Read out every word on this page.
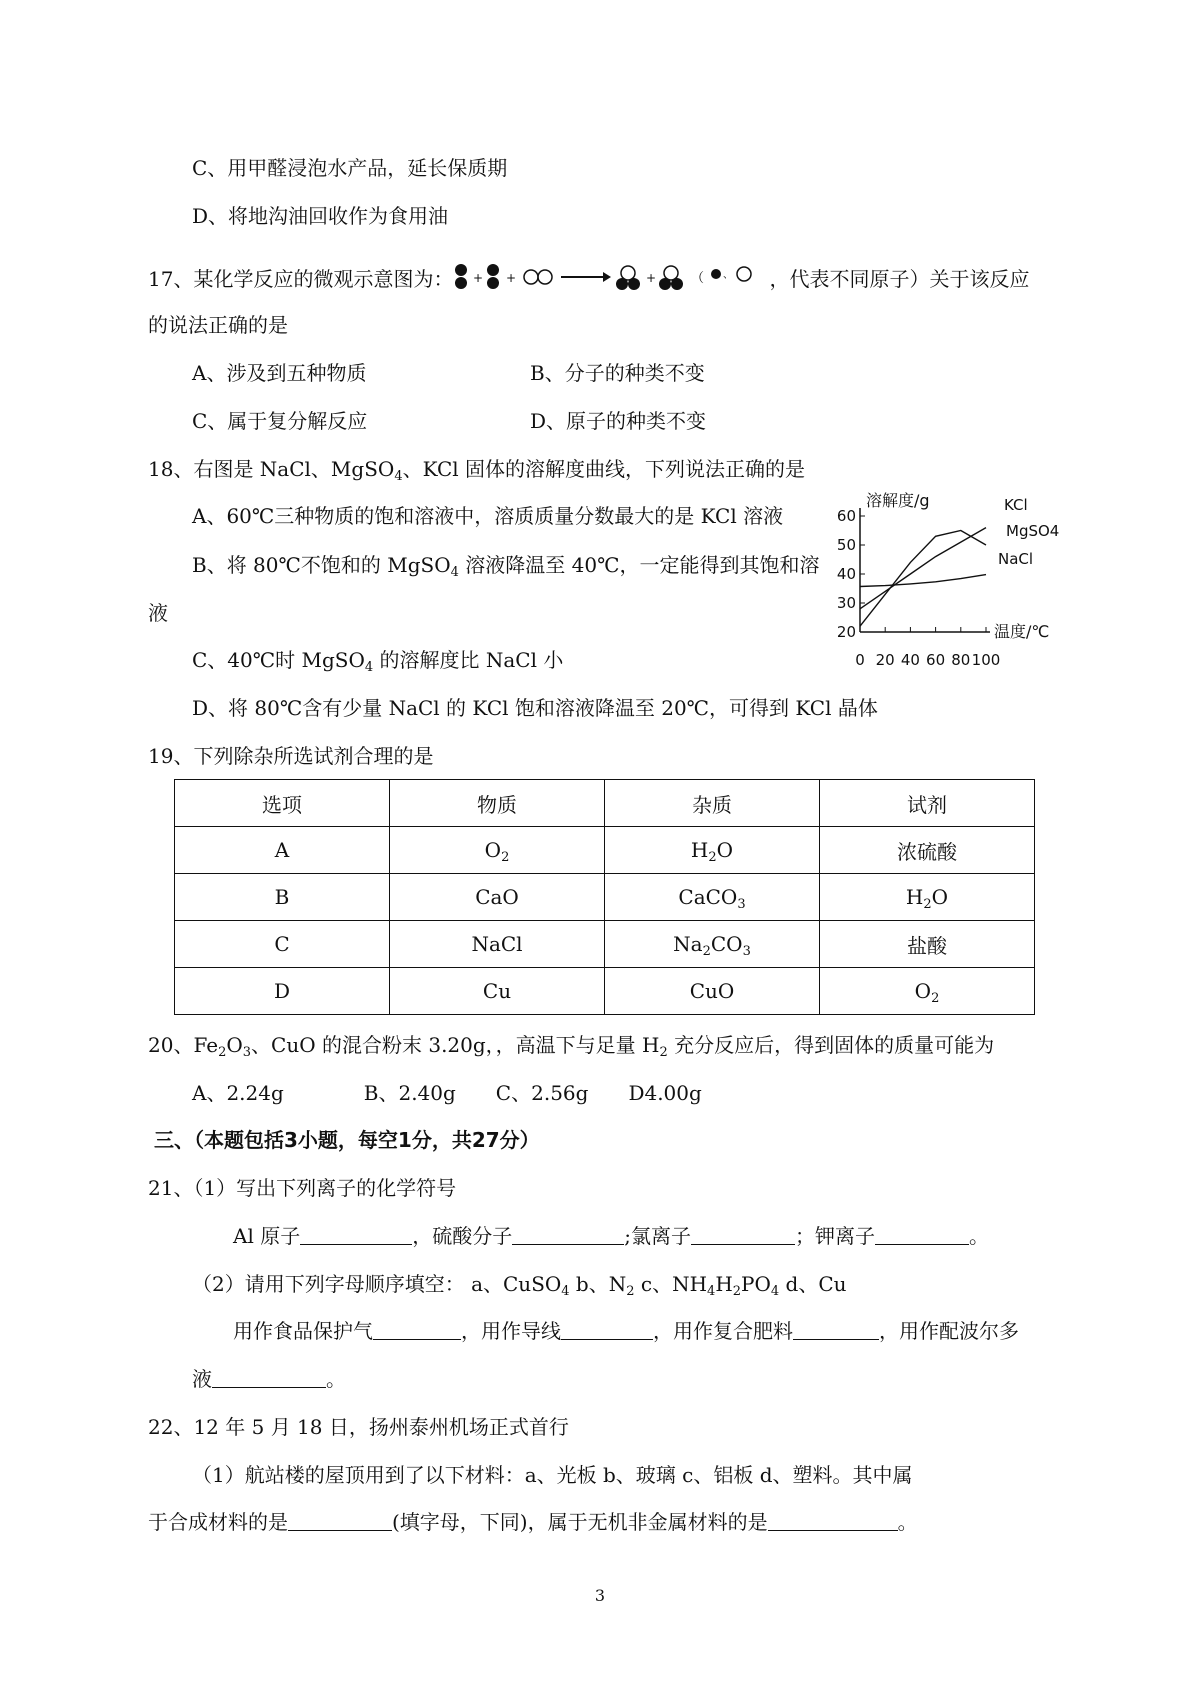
C、用甲醛浸泡水产品，延长保质期
D、将地沟油回收作为食用油
17、某化学反应的微观示意图为： + +	+	（ 、 ，代表不同原子）关于该反应
的说法正确的是
A、涉及到五种物质	B、分子的种类不变
C、属于复分解反应	D、原子的种类不变
18、右图是 NaCl、MgSO$_4$、KCl 固体的溶解度曲线，下列说法正确的是
A、60℃三种物质的饱和溶液中，溶质质量分数最大的是 KCl 溶液
B、将 80℃不饱和的 MgSO$_4$ 溶液降温至 40℃，一定能得到其饱和溶
液
C、40℃时 MgSO$_4$ 的溶解度比 NaCl 小
D、将 80℃含有少量 NaCl 的 KCl 饱和溶液降温至 20℃，可得到 KCl 晶体
20
30
40
50
60
0 20 40 60 80 100
溶解度/g
温度/℃
KCl
MgSO4
NaCl
19、下列除杂所选试剂合理的是
选项	物质	杂质	试剂
A	$O_2$	$H_2O$	浓硫酸
B	CaO	CaCO$_3$	$H_2O$
C	NaCl	$Na_2CO_3$	盐酸
D	Cu	CuO	$O_2$
20、$Fe_2O_3$、CuO 的混合粉末 3.20g，，高温下与足量 $H_2$ 充分反应后，得到固体的质量可能为
A、2.24g　　　　B、2.40g　　C、2.56g　　D4.00g
三、（本题包括3小题，每空1分，共27分）
21、（1）写出下列离子的化学符号
Al 原子	，硫酸分子	;氯离子	；钾离子	。
（2）请用下列字母顺序填空： a、CuSO$_4$ b、$N_2$ c、$NH_4H_2PO_4$ d、Cu
用作食品保护气	，用作导线	，用作复合肥料	，用作配波尔多
液	。
22、12 年 5 月 18 日，扬州泰州机场正式首行
（1）航站楼的屋顶用到了以下材料：a、光板 b、玻璃 c、铝板 d、塑料。其中属
于合成材料的是	(填字母，下同)，属于无机非金属材料的是	。
3
